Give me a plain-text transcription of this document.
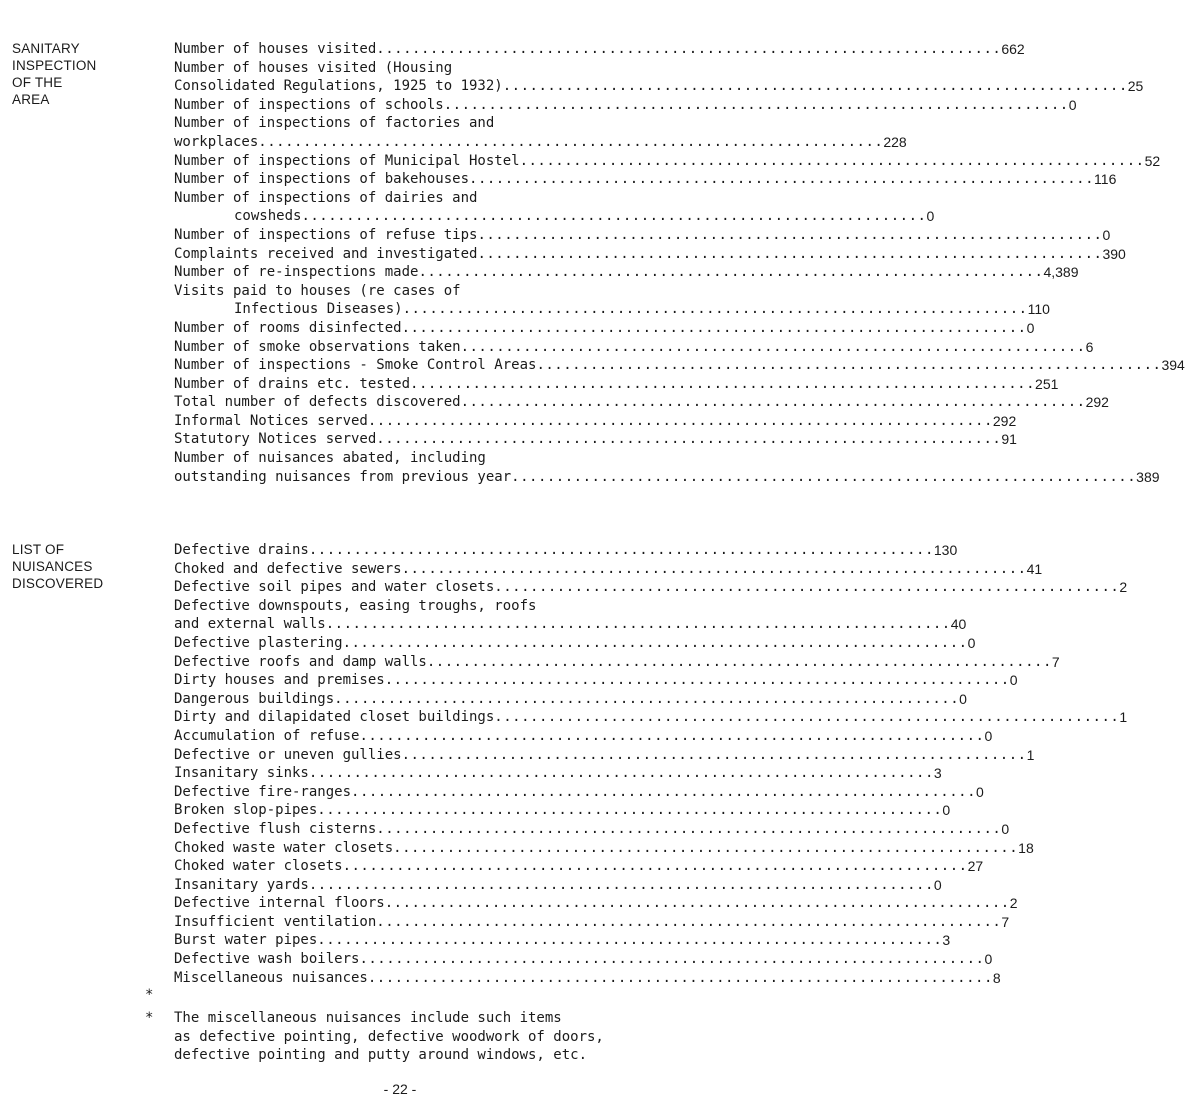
SANITARY
INSPECTION
OF THE
AREA
Number of houses visited...................................................................... 662
Number of houses visited (Housing
Consolidated Regulations, 1925 to 1932)...................................................................... 25
Number of inspections of schools...................................................................... 0
Number of inspections of factories and
workplaces...................................................................... 228
Number of inspections of Municipal Hostel...................................................................... 52
Number of inspections of bakehouses...................................................................... 116
Number of inspections of dairies and
cowsheds...................................................................... 0
Number of inspections of refuse tips...................................................................... 0
Complaints received and investigated...................................................................... 390
Number of re-inspections made...................................................................... 4,389
Visits paid to houses (re cases of
Infectious Diseases)...................................................................... 110
Number of rooms disinfected...................................................................... 0
Number of smoke observations taken...................................................................... 6
Number of inspections - Smoke Control Areas...................................................................... 394
Number of drains etc. tested...................................................................... 251
Total number of defects discovered...................................................................... 292
Informal Notices served...................................................................... 292
Statutory Notices served...................................................................... 91
Number of nuisances abated, including
outstanding nuisances from previous year...................................................................... 389
LIST OF
NUISANCES
DISCOVERED
Defective drains...................................................................... 130
Choked and defective sewers...................................................................... 41
Defective soil pipes and water closets...................................................................... 2
Defective downspouts, easing troughs, roofs
and external walls...................................................................... 40
Defective plastering...................................................................... 0
Defective roofs and damp walls...................................................................... 7
Dirty houses and premises...................................................................... 0
Dangerous buildings...................................................................... 0
Dirty and dilapidated closet buildings...................................................................... 1
Accumulation of refuse...................................................................... 0
Defective or uneven gullies...................................................................... 1
Insanitary sinks...................................................................... 3
Defective fire-ranges...................................................................... 0
Broken slop-pipes...................................................................... 0
Defective flush cisterns...................................................................... 0
Choked waste water closets...................................................................... 18
Choked water closets...................................................................... 27
Insanitary yards...................................................................... 0
Defective internal floors...................................................................... 2
Insufficient ventilation...................................................................... 7
Burst water pipes...................................................................... 3
Defective wash boilers...................................................................... 0
Miscellaneous nuisances...................................................................... 8
*
* The miscellaneous nuisances include such items
as defective pointing, defective woodwork of doors,
defective pointing and putty around windows, etc.
- 22 -
